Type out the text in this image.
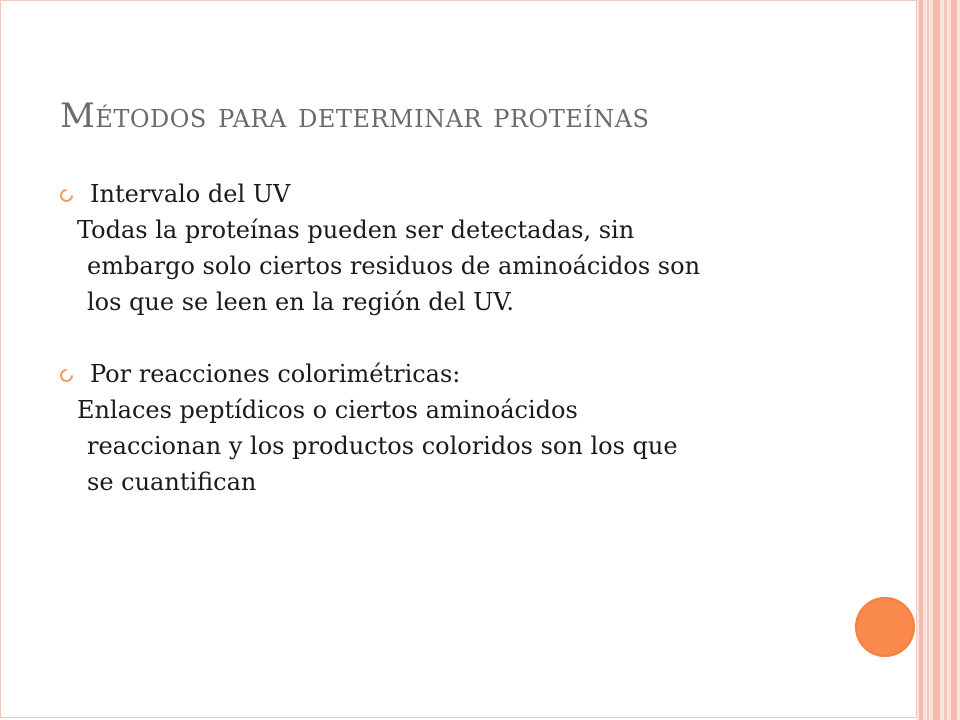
Métodos para determinar proteínas
Intervalo del UV
Todas la proteínas pueden ser detectadas, sin
embargo solo ciertos residuos de aminoácidos son
los que se leen en la región del UV.
Por reacciones colorimétricas:
Enlaces peptídicos o ciertos aminoácidos
reaccionan y los productos coloridos son los que
se cuantifican
